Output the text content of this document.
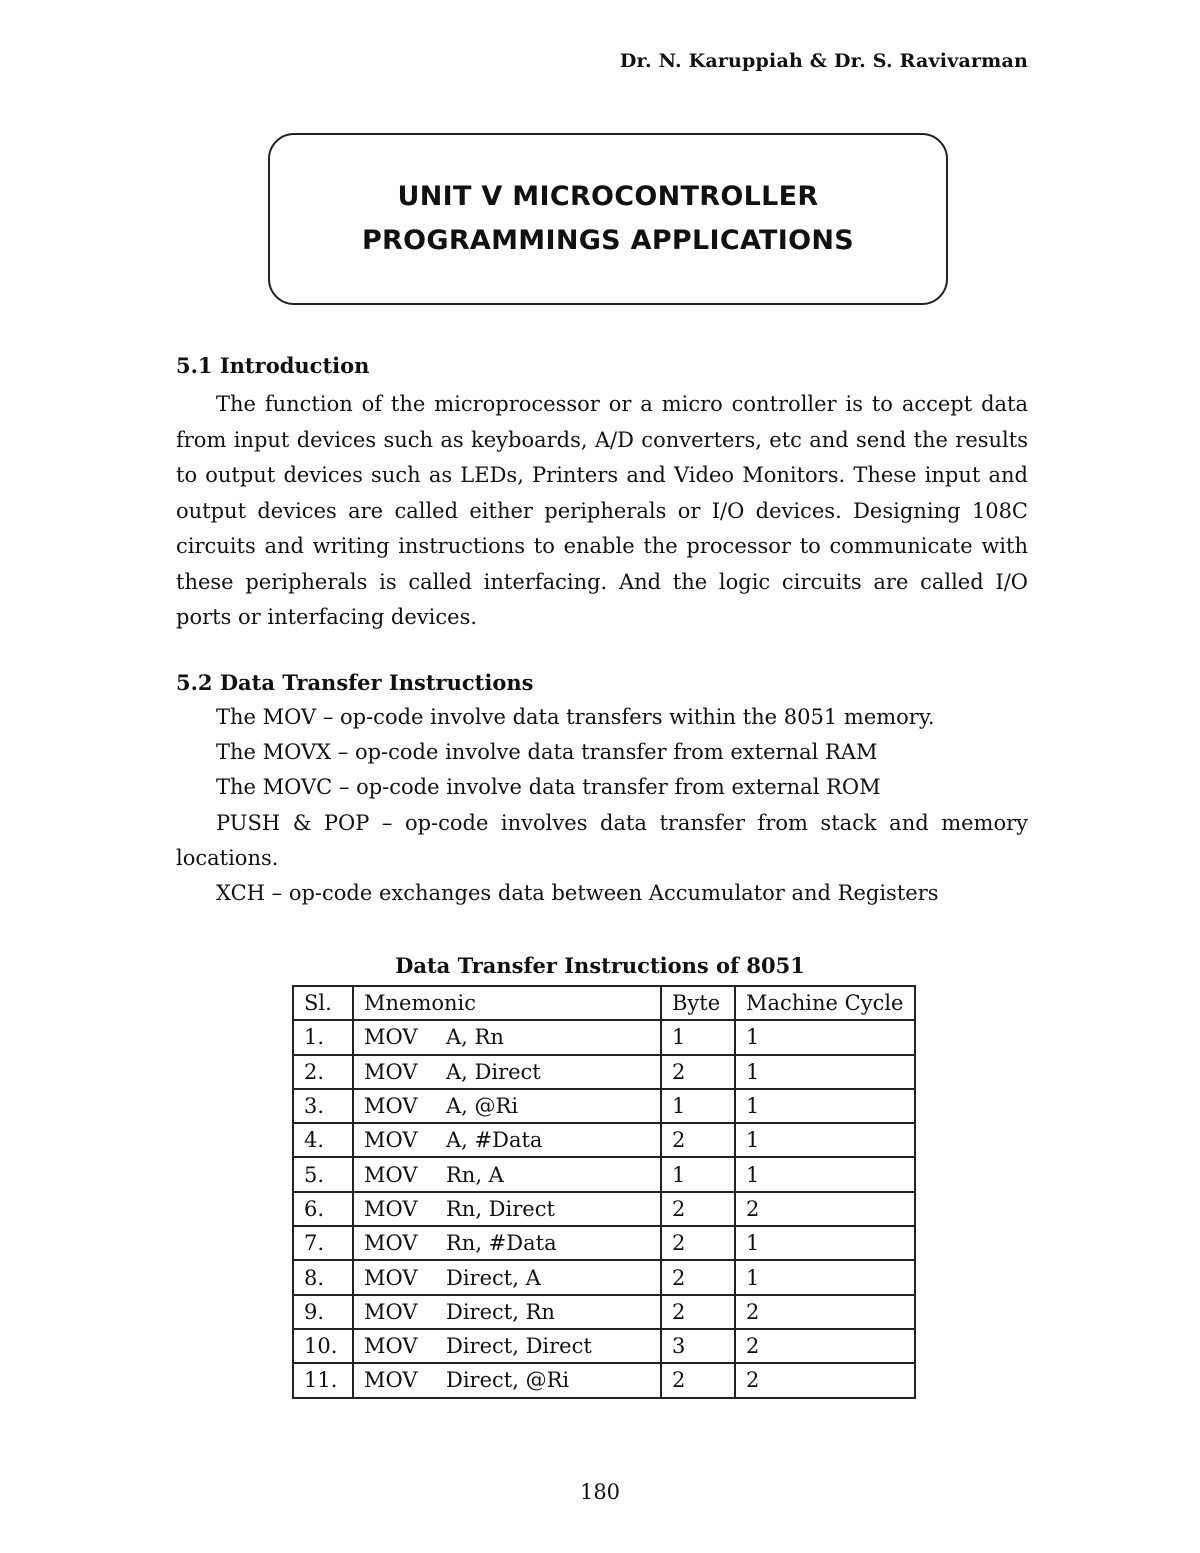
Dr. N. Karuppiah & Dr. S. Ravivarman
UNIT V MICROCONTROLLER
PROGRAMMINGS APPLICATIONS
5.1 Introduction
The function of the microprocessor or a micro controller is to accept data from input devices such as keyboards, A/D converters, etc and send the results to output devices such as LEDs, Printers and Video Monitors. These input and output devices are called either peripherals or I/O devices. Designing 108C circuits and writing instructions to enable the processor to communicate with these peripherals is called interfacing. And the logic circuits are called I/O ports or interfacing devices.
5.2 Data Transfer Instructions
The MOV – op-code involve data transfers within the 8051 memory.
The MOVX – op-code involve data transfer from external RAM
The MOVC – op-code involve data transfer from external ROM
PUSH & POP – op-code involves data transfer from stack and memory
locations.
XCH – op-code exchanges data between Accumulator and Registers
Data Transfer Instructions of 8051
Sl.	Mnemonic	Byte	Machine Cycle
1.	MOV A, Rn	1	1
2.	MOV A, Direct	2	1
3.	MOV A, @Ri	1	1
4.	MOV A, #Data	2	1
5.	MOV Rn, A	1	1
6.	MOV Rn, Direct	2	2
7.	MOV Rn, #Data	2	1
8.	MOV Direct, A	2	1
9.	MOV Direct, Rn	2	2
10.	MOV Direct, Direct	3	2
11.	MOV Direct, @Ri	2	2
180
